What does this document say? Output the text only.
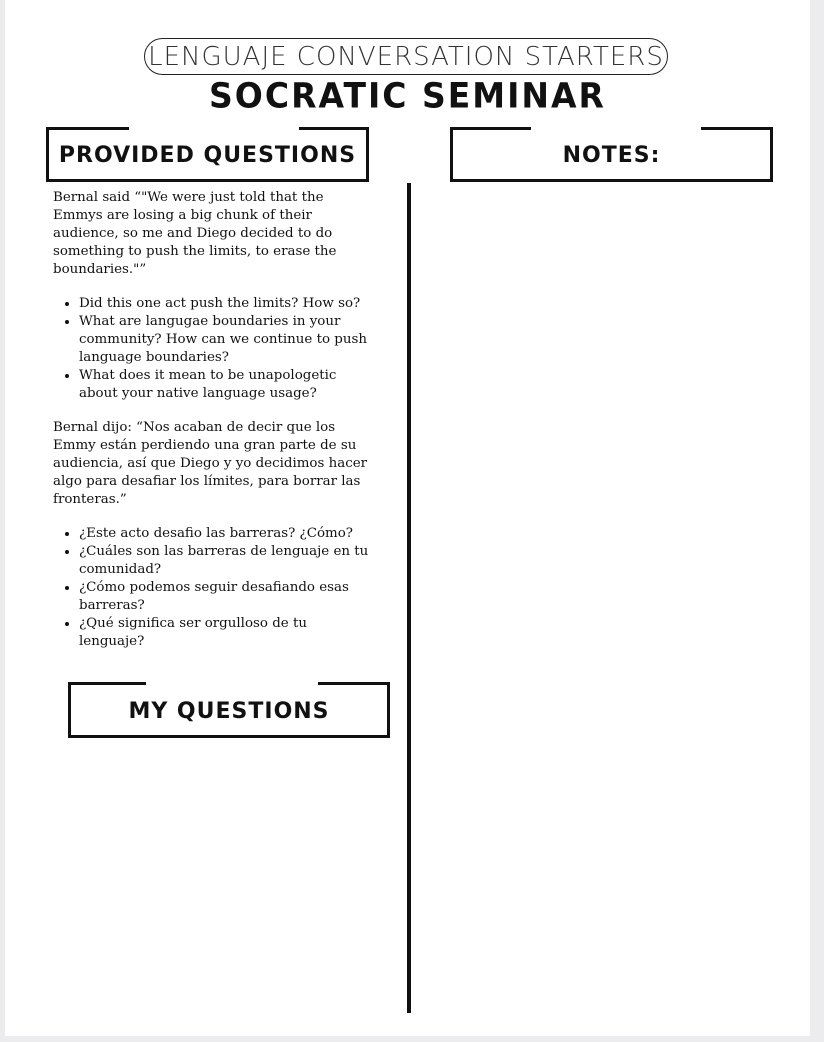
LENGUAJE CONVERSATION STARTERS
SOCRATIC SEMINAR
PROVIDED QUESTIONS	NOTES:

Bernal said “"We were just told that the Emmys are losing a big chunk of their audience, so me and Diego decided to do something to push the limits, to erase the boundaries."”

• Did this one act push the limits? How so?
• What are langugae boundaries in your community? How can we continue to push language boundaries?
• What does it mean to be unapologetic about your native language usage?

Bernal dijo: “Nos acaban de decir que los Emmy están perdiendo una gran parte de su audiencia, así que Diego y yo decidimos hacer algo para desafiar los límites, para borrar las fronteras.”

• ¿Este acto desafio las barreras? ¿Cómo?
• ¿Cuáles son las barreras de lenguaje en tu comunidad?
• ¿Cómo podemos seguir desafiando esas barreras?
• ¿Qué significa ser orgulloso de tu lenguaje?
MY QUESTIONS
